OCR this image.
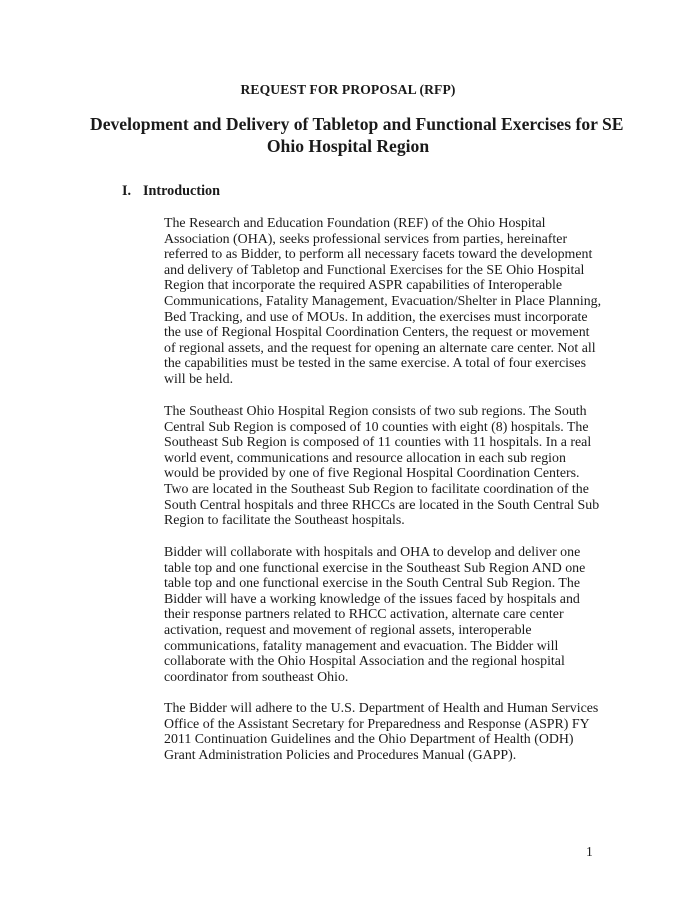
REQUEST FOR PROPOSAL (RFP)
Development and Delivery of Tabletop and Functional Exercises for SE
Ohio Hospital Region
I. Introduction

The Research and Education Foundation (REF) of the Ohio Hospital
Association (OHA), seeks professional services from parties, hereinafter
referred to as Bidder, to perform all necessary facets toward the development
and delivery of Tabletop and Functional Exercises for the SE Ohio Hospital
Region that incorporate the required ASPR capabilities of Interoperable
Communications, Fatality Management, Evacuation/Shelter in Place Planning,
Bed Tracking, and use of MOUs. In addition, the exercises must incorporate
the use of Regional Hospital Coordination Centers, the request or movement
of regional assets, and the request for opening an alternate care center. Not all
the capabilities must be tested in the same exercise. A total of four exercises
will be held.

The Southeast Ohio Hospital Region consists of two sub regions. The South
Central Sub Region is composed of 10 counties with eight (8) hospitals. The
Southeast Sub Region is composed of 11 counties with 11 hospitals. In a real
world event, communications and resource allocation in each sub region
would be provided by one of five Regional Hospital Coordination Centers.
Two are located in the Southeast Sub Region to facilitate coordination of the
South Central hospitals and three RHCCs are located in the South Central Sub
Region to facilitate the Southeast hospitals.

Bidder will collaborate with hospitals and OHA to develop and deliver one
table top and one functional exercise in the Southeast Sub Region AND one
table top and one functional exercise in the South Central Sub Region. The
Bidder will have a working knowledge of the issues faced by hospitals and
their response partners related to RHCC activation, alternate care center
activation, request and movement of regional assets, interoperable
communications, fatality management and evacuation. The Bidder will
collaborate with the Ohio Hospital Association and the regional hospital
coordinator from southeast Ohio.

The Bidder will adhere to the U.S. Department of Health and Human Services
Office of the Assistant Secretary for Preparedness and Response (ASPR) FY
2011 Continuation Guidelines and the Ohio Department of Health (ODH)
Grant Administration Policies and Procedures Manual (GAPP).

1
